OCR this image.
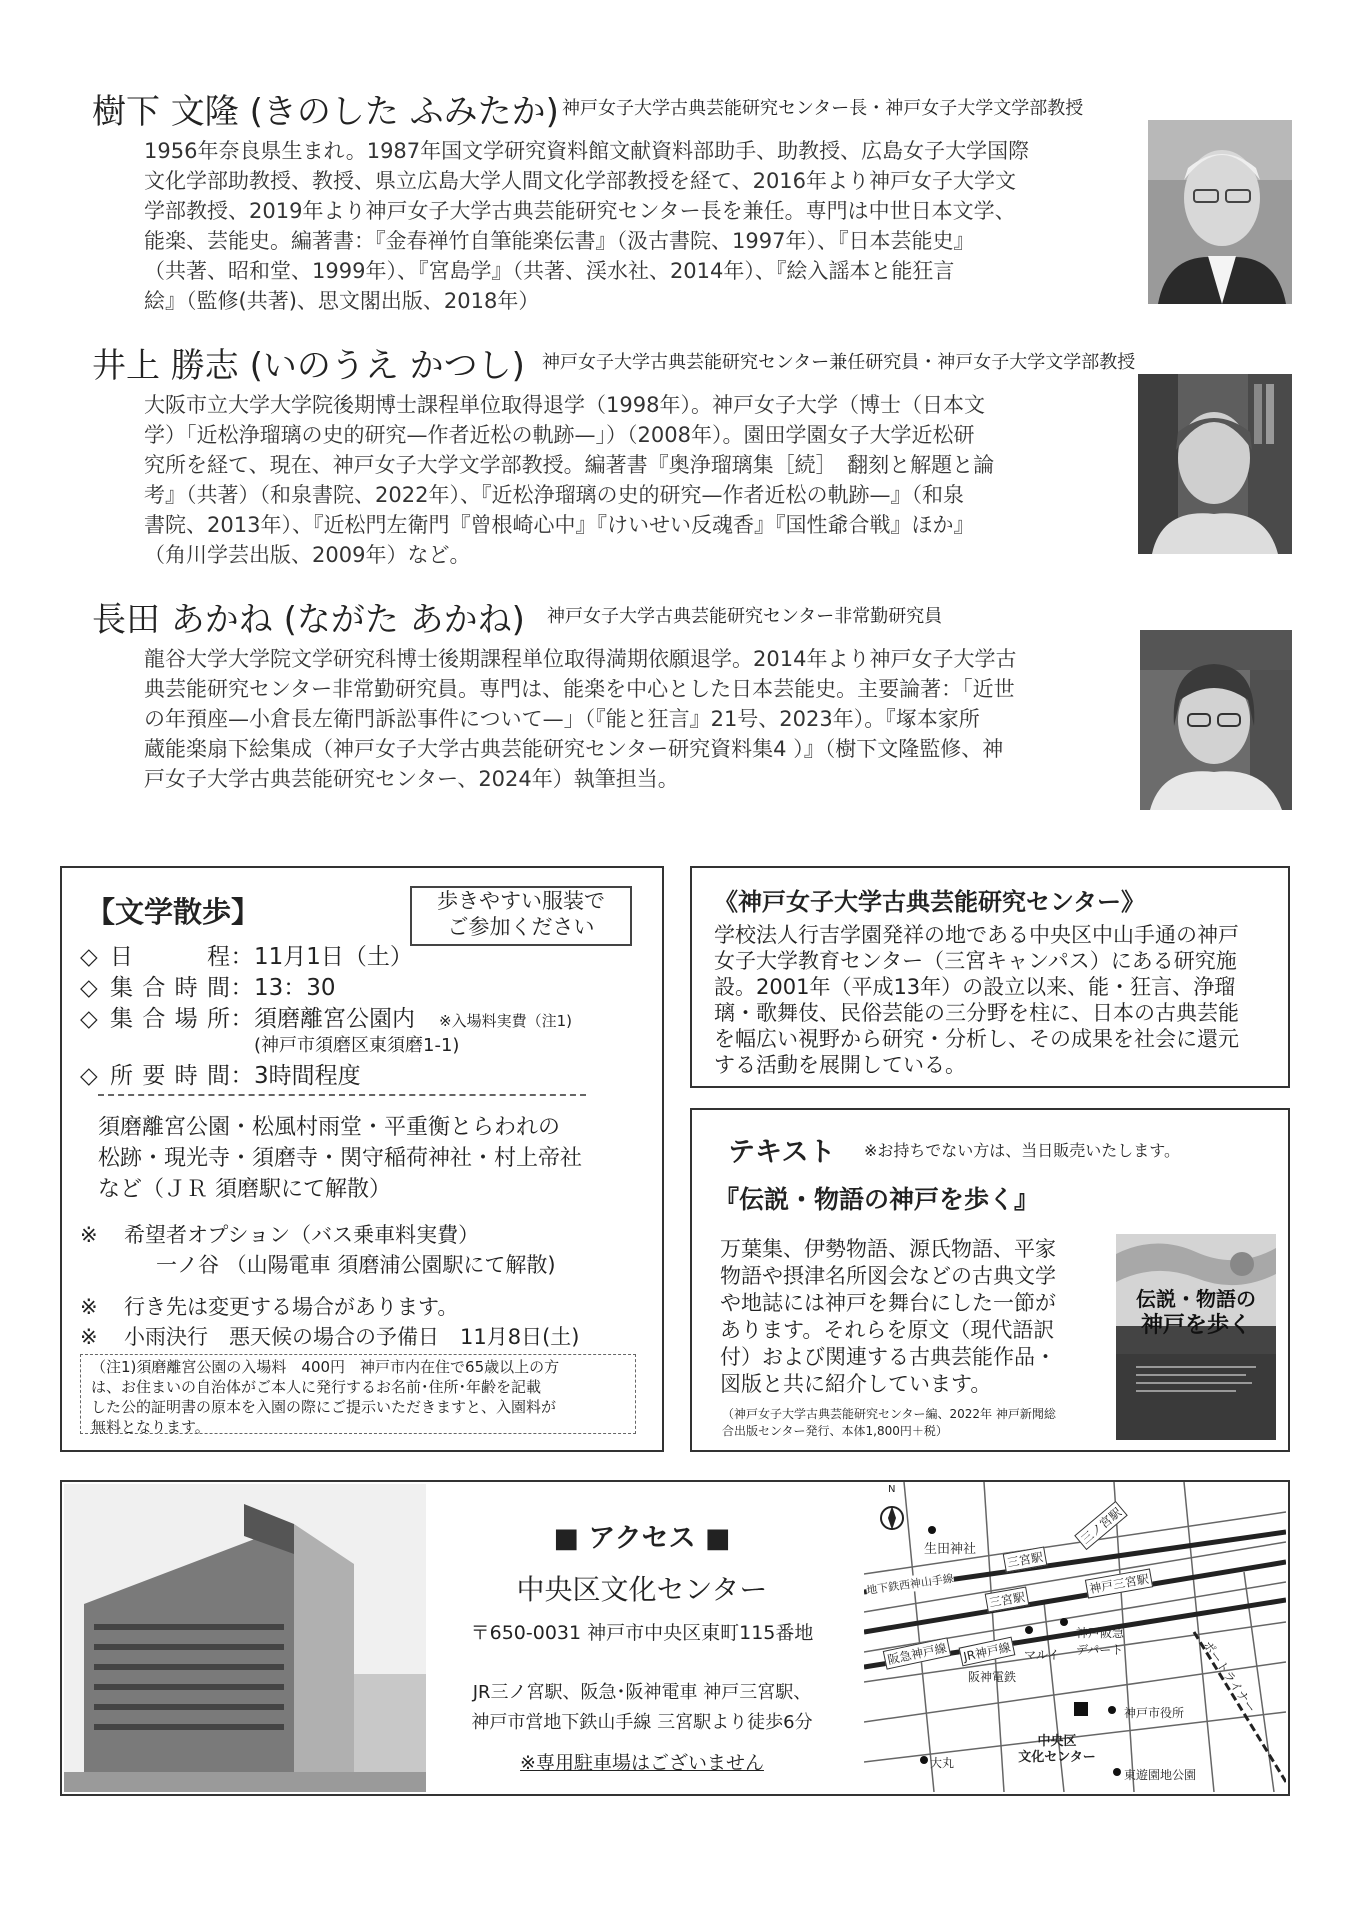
樹下 文隆 (きのした ふみたか) 神戸女子大学古典芸能研究センター長・神戸女子大学文学部教授
1956年奈良県生まれ。1987年国文学研究資料館文献資料部助手、助教授、広島女子大学国際
文化学部助教授、教授、県立広島大学人間文化学部教授を経て、2016年より神戸女子大学文
学部教授、2019年より神戸女子大学古典芸能研究センター長を兼任。専門は中世日本文学、
能楽、芸能史。編著書：『金春禅竹自筆能楽伝書』（汲古書院、1997年）、『日本芸能史』
（共著、昭和堂、1999年）、『宮島学』（共著、渓水社、2014年）、『絵入謡本と能狂言
絵』（監修(共著)、思文閣出版、2018年）
井上 勝志 (いのうえ かつし) 神戸女子大学古典芸能研究センター兼任研究員・神戸女子大学文学部教授
大阪市立大学大学院後期博士課程単位取得退学（1998年）。神戸女子大学（博士（日本文
学）「近松浄瑠璃の史的研究—作者近松の軌跡—」）（2008年）。園田学園女子大学近松研
究所を経て、現在、神戸女子大学文学部教授。編著書『奥浄瑠璃集［続］　翻刻と解題と論
考』（共著）（和泉書院、2022年）、『近松浄瑠璃の史的研究—作者近松の軌跡—』（和泉
書院、2013年）、『近松門左衛門『曾根崎心中』『けいせい反魂香』『国性爺合戦』ほか』
（角川学芸出版、2009年）など。
長田 あかね (ながた あかね) 神戸女子大学古典芸能研究センター非常勤研究員
龍谷大学大学院文学研究科博士後期課程単位取得満期依願退学。2014年より神戸女子大学古
典芸能研究センター非常勤研究員。専門は、能楽を中心とした日本芸能史。主要論著：「近世
の年預座—小倉長左衛門訴訟事件について—」（『能と狂言』21号、2023年）。『塚本家所
蔵能楽扇下絵集成（神戸女子大学古典芸能研究センター研究資料集4 ）』（樹下文隆監修、神
戸女子大学古典芸能研究センター、2024年）執筆担当。
【文学散歩】	歩きやすい服装で
ご参加ください
◇ 日　程 ： 11月1日（土）
◇ 集合時間 ： 13：30
◇ 集合場所 ： 須磨離宮公園内 ※入場料実費（注1)
(神戸市須磨区東須磨1-1)
◇ 所要時間 ： 3時間程度
須磨離宮公園・松風村雨堂・平重衡とらわれの
松跡・現光寺・須磨寺・関守稲荷神社・村上帝社
など（ＪＲ 須磨駅にて解散）
※ 希望者オプション（バス乗車料実費）
一ノ谷 （山陽電車 須磨浦公園駅にて解散)
※ 行き先は変更する場合があります。
※ 小雨決行　悪天候の場合の予備日　11月8日(土)
（注1)須磨離宮公園の入場料　400円　神戸市内在住で65歳以上の方
は、お住まいの自治体がご本人に発行するお名前･住所･年齢を記載
した公的証明書の原本を入園の際にご提示いただきますと、入園料が
無料となります。
《神戸女子大学古典芸能研究センター》
学校法人行吉学園発祥の地である中央区中山手通の神戸
女子大学教育センター（三宮キャンパス）にある研究施
設。2001年（平成13年）の設立以来、能・狂言、浄瑠
璃・歌舞伎、民俗芸能の三分野を柱に、日本の古典芸能
を幅広い視野から研究・分析し、その成果を社会に還元
する活動を展開している。
テキスト ※お持ちでない方は、当日販売いたします。
『伝説・物語の神戸を歩く』
万葉集、伊勢物語、源氏物語、平家
物語や摂津名所図会などの古典文学
や地誌には神戸を舞台にした一節が
あります。それらを原文（現代語訳
付）および関連する古典芸能作品・
図版と共に紹介しています。
（神戸女子大学古典芸能研究センター編、2022年 神戸新聞総
合出版センター発行、本体1,800円＋税）
伝説・物語の
神戸を歩く
■ アクセス ■
中央区文化センター
〒650-0031 神戸市中央区東町115番地
JR三ノ宮駅、阪急･阪神電車 神戸三宮駅、
神戸市営地下鉄山手線 三宮駅より徒歩6分
※専用駐車場はございません
N
生田神社
三宮駅
三宮駅
三ノ宮駅
神戸三宮駅
地下鉄西神山手線
阪急神戸線 JR神戸線
阪神電鉄
マルイ
神戸阪急デパート	ポートライナー
神戸市役所
大丸
中央区
文化センター
東遊園地公園
